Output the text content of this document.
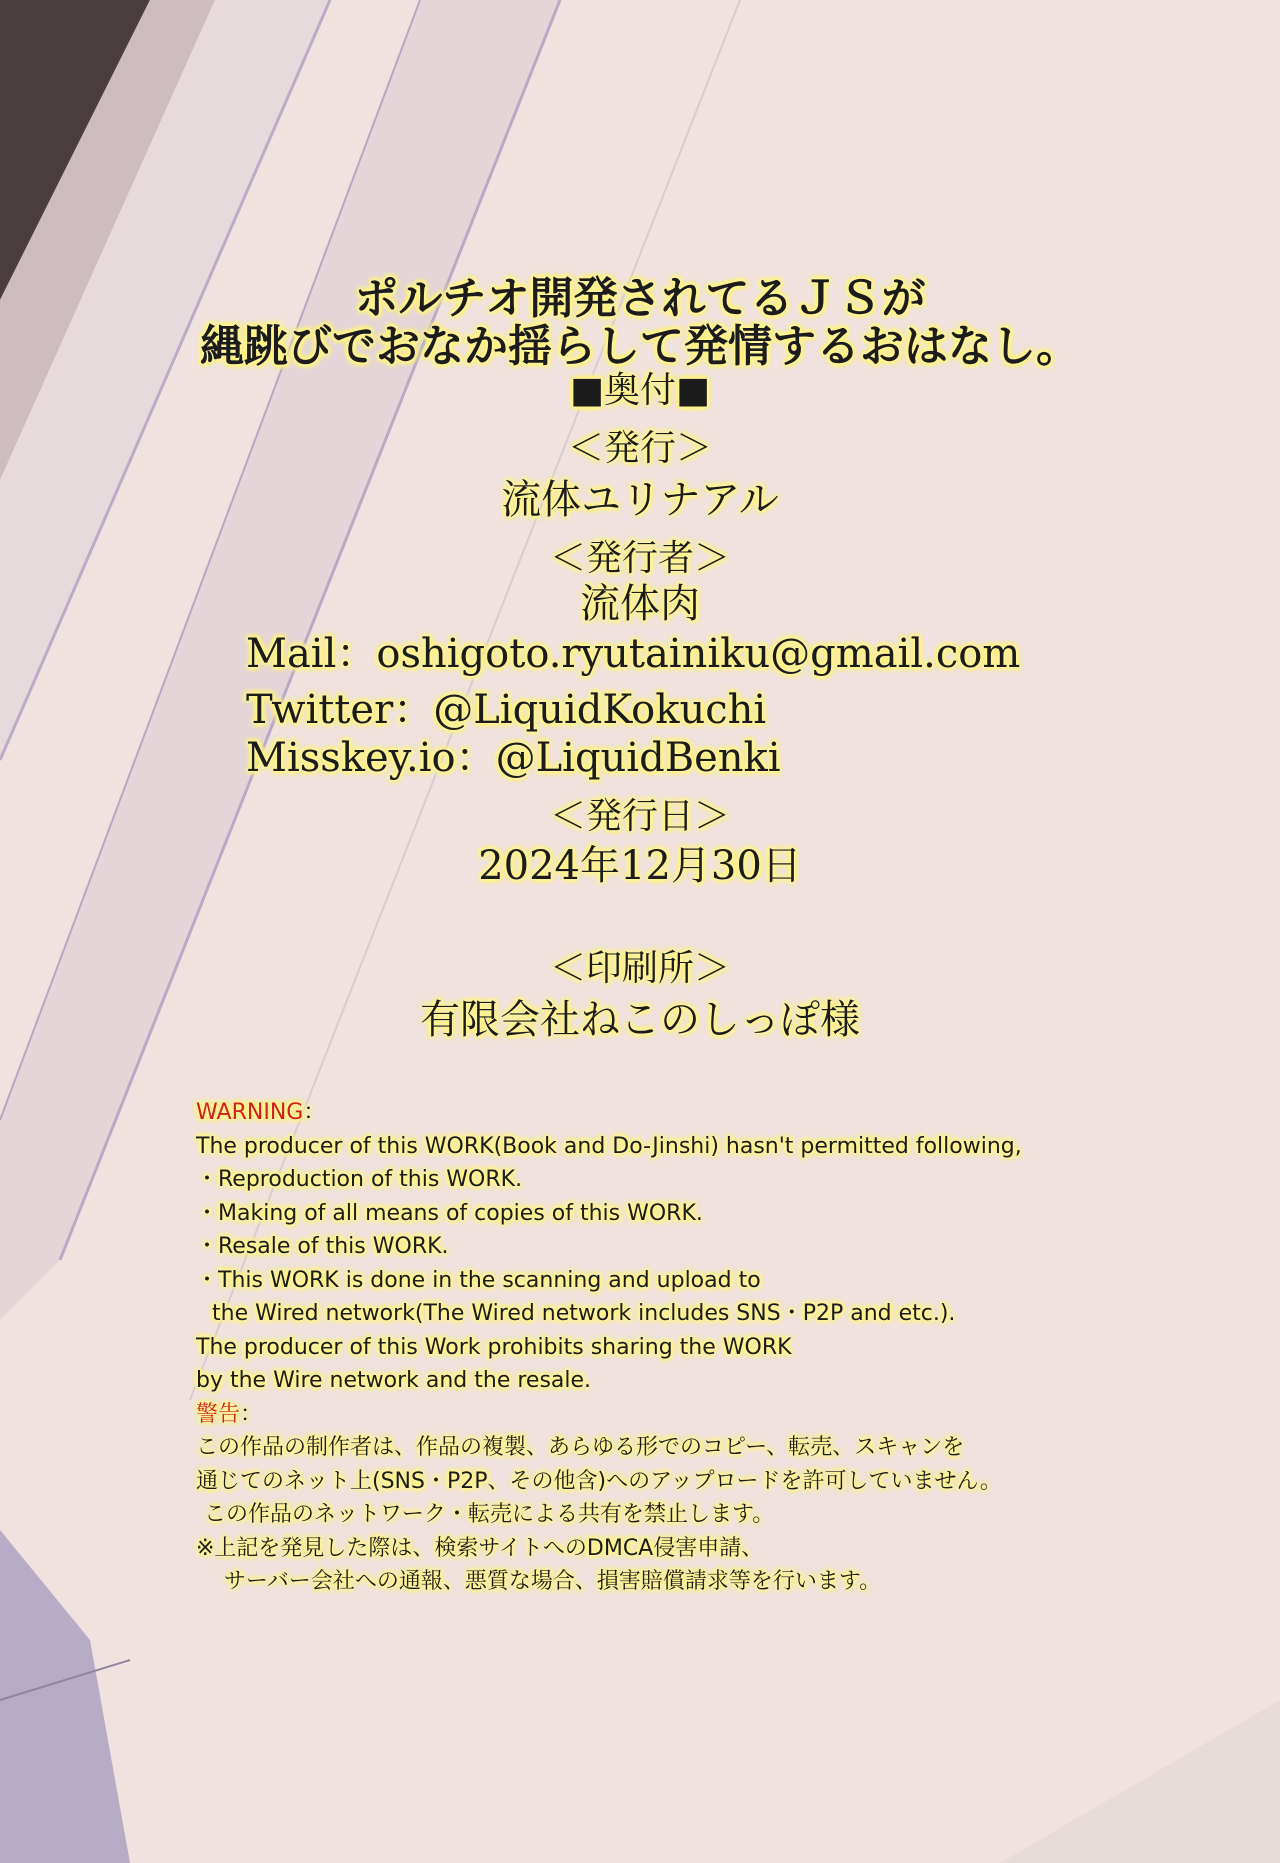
ポルチオ開発されてるＪＳが
縄跳びでおなか揺らして発情するおはなし。
■奥付■
＜発行＞
流体ユリナアル
＜発行者＞
流体肉
Mail：oshigoto.ryutainiku@gmail.com
Twitter：@LiquidKokuchi
Misskey.io：@LiquidBenki
＜発行日＞
2024年12月30日
＜印刷所＞
有限会社ねこのしっぽ様
WARNING：
The producer of this WORK(Book and Do-Jinshi) hasn't permitted following,
・Reproduction of this WORK.
・Making of all means of copies of this WORK.
・Resale of this WORK.
・This WORK is done in the scanning and upload to
the Wired network(The Wired network includes SNS・P2P and etc.).
The producer of this Work prohibits sharing the WORK
by the Wire network and the resale.
警告：
この作品の制作者は、作品の複製、あらゆる形でのコピー、転売、スキャンを
通じてのネット上(SNS・P2P、その他含)へのアップロードを許可していません。
この作品のネットワーク・転売による共有を禁止します。
※上記を発見した際は、検索サイトへのDMCA侵害申請、
サーバー会社への通報、悪質な場合、損害賠償請求等を行います。
